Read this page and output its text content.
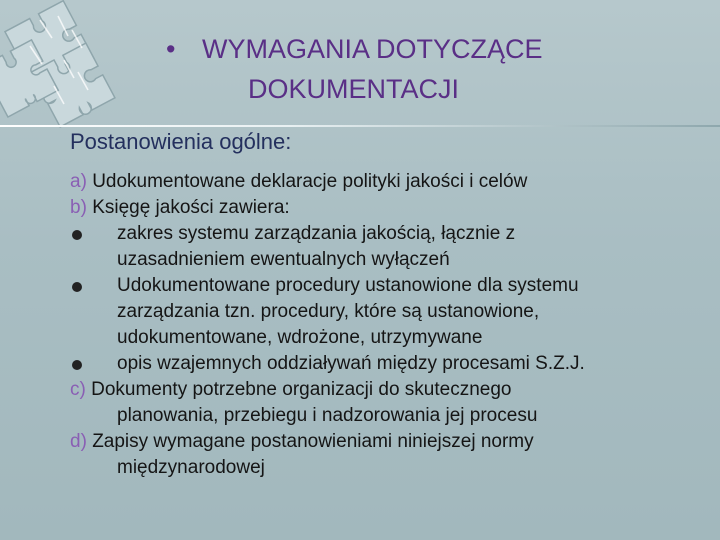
• WYMAGANIA DOTYCZĄCE
DOKUMENTACJI
Postanowienia ogólne:
a) Udokumentowane deklaracje polityki jakości i celów
b) Księgę jakości zawiera:
zakres systemu zarządzania jakością, łącznie z
uzasadnieniem ewentualnych wyłączeń
Udokumentowane procedury ustanowione dla systemu
zarządzania tzn. procedury, które są ustanowione,
udokumentowane, wdrożone, utrzymywane
opis wzajemnych oddziaływań między procesami S.Z.J.
c) Dokumenty potrzebne organizacji do skutecznego
planowania, przebiegu i nadzorowania jej procesu
d) Zapisy wymagane postanowieniami niniejszej normy
międzynarodowej
